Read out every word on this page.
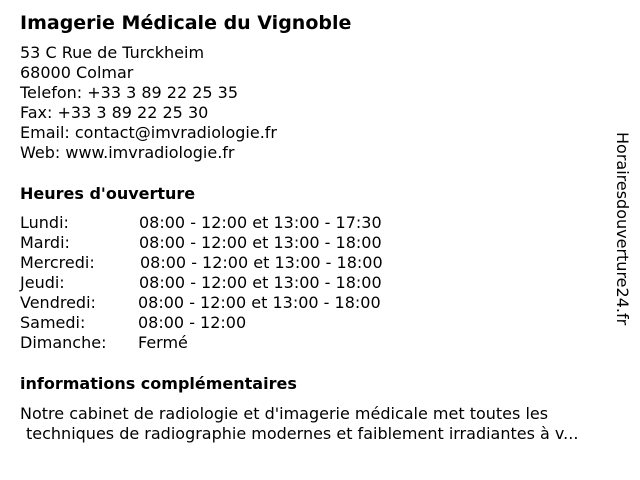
Imagerie Médicale du Vignoble
53 C Rue de Turckheim
68000 Colmar
Telefon: +33 3 89 22 25 35
Fax: +33 3 89 22 25 30
Email: contact@imvradiologie.fr
Web: www.imvradiologie.fr
Heures d'ouverture
Lundi:	08:00 - 12:00 et 13:00 - 17:30
Mardi:	08:00 - 12:00 et 13:00 - 18:00
Mercredi:	08:00 - 12:00 et 13:00 - 18:00
Jeudi:	08:00 - 12:00 et 13:00 - 18:00
Vendredi:	08:00 - 12:00 et 13:00 - 18:00
Samedi:	08:00 - 12:00
Dimanche: Fermé
informations complémentaires
Notre cabinet de radiologie et d'imagerie médicale met toutes les
techniques de radiographie modernes et faiblement irradiantes à v...
Horairesdouverture24.fr
